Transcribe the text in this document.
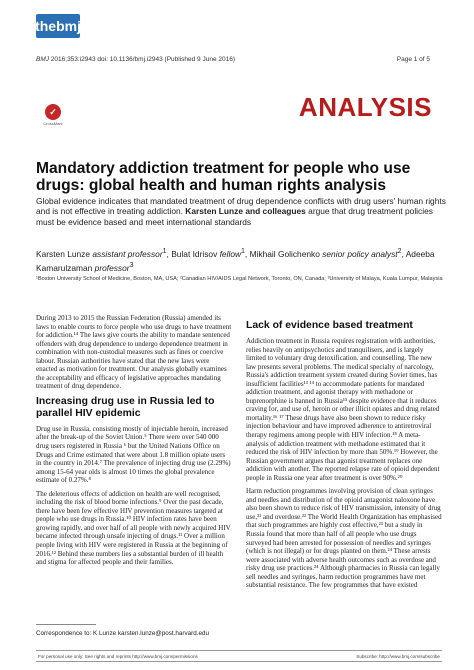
thebmj
BMJ 2016;353:i2943 doi: 10.1136/bmj.i2943 (Published 9 June 2016)	Page 1 of 5
✓
CrossMark
ANALYSIS
Mandatory addiction treatment for people who use drugs: global health and human rights analysis

Global evidence indicates that mandated treatment of drug dependence conflicts with drug users' human rights and is not effective in treating addiction. Karsten Lunze and colleagues argue that drug treatment policies must be evidence based and meet international standards

Karsten Lunze assistant professor$^1$, Bulat Idrisov fellow$^1$, Mikhail Golichenko senior policy analyst$^2$, Adeeba Kamarulzaman professor$^3$

¹Boston University School of Medicine, Boston, MA, USA; ²Canadian HIV/AIDS Legal Network, Toronto, ON, Canada; ³University of Malaya, Kuala Lumpur, Malaysia

During 2013 to 2015 the Russian Federation (Russia) amended its laws to enable courts to force people who use drugs to have treatment for addiction.¹⁴ The laws give courts the ability to mandate sentenced offenders with drug dependence to undergo dependence treatment in combination with non-custodial measures such as fines or coercive labour. Russian authorities have stated that the new laws were enacted as motivation for treatment. Our analysis globally examines the acceptability and efficacy of legislative approaches mandating treatment of drug dependence.

Increasing drug use in Russia led to parallel HIV epidemic

Drug use in Russia, consisting mostly of injectable heroin, increased after the break-up of the Soviet Union.⁵ There were over 540 000 drug users registered in Russia ⁶ but the United Nations Office on Drugs and Crime estimated that were about 1.8 million opiate users in the country in 2014.⁷ The prevalence of injecting drug use (2.29%) among 15-64 year olds is almost 10 times the global prevalence estimate of 0.27%.⁸

The deleterious effects of addiction on health are well recognised, including the risk of blood borne infections.⁹ Over the past decade, there have been few effective HIV prevention measures targeted at people who use drugs in Russia.¹⁰ HIV infection rates have been growing rapidly, and over half of all people with newly acquired HIV became infected through unsafe injecting of drugs.¹¹ Over a million people living with HIV were registered in Russia at the beginning of 2016.¹² Behind these numbers lies a substantial burden of ill health and stigma for affected people and their families.

Lack of evidence based treatment

Addiction treatment in Russia requires registration with authorities, relies heavily on antipsychotics and tranquilisers, and is largely limited to voluntary drug detoxification. and counselling. The new law presents several problems. The medical specialty of narcology, Russia's addiction treatment system created during Soviet times, has insufficient facilities¹³ ¹⁴ to accommodate patients for mandated addiction treatment, and agonist therapy with methadone or buprenorphine is banned in Russia¹⁵ despite evidence that it reduces craving for, and use of, heroin or other illicit opiates and drug related mortality.¹⁶ ¹⁷ These drugs have also been shown to reduce risky injection behaviour and have improved adherence to antiretroviral therapy regimens among people with HIV infection.¹⁸ A meta-analysis of addiction treatment with methadone estimated that it reduced the risk of HIV infection by more than 50%.¹⁹ However, the Russian government argues that agonist treatment replaces one addiction with another. The reported relapse rate of opioid dependent people in Russia one year after treatment is over 90%.²⁰

Harm reduction programmes involving provision of clean syringes and needles and distribution of the opioid antagonist naloxone have also been shown to reduce risk of HIV transmission, intensity of drug use,²¹ and overdose.²² The World Health Organization has emphasised that such programmes are highly cost effective,²³ but a study in Russia found that more than half of all people who use drugs surveyed had been arrested for possession of needles and syringes (which is not illegal) or for drugs planted on them.²⁴ These arrests were associated with adverse health outcomes such as overdose and risky drug use practices.²⁴ Although pharmacies in Russia can legally sell needles and syringes, harm reduction programmes have met substantial resistance. The few programmes that have existed

Correspondence to: K Lunze karsten.lunze@post.harvard.edu
For personal use only: See rights and reprints http://www.bmj.com/permissions	Subscribe: http://www.bmj.com/subscribe
